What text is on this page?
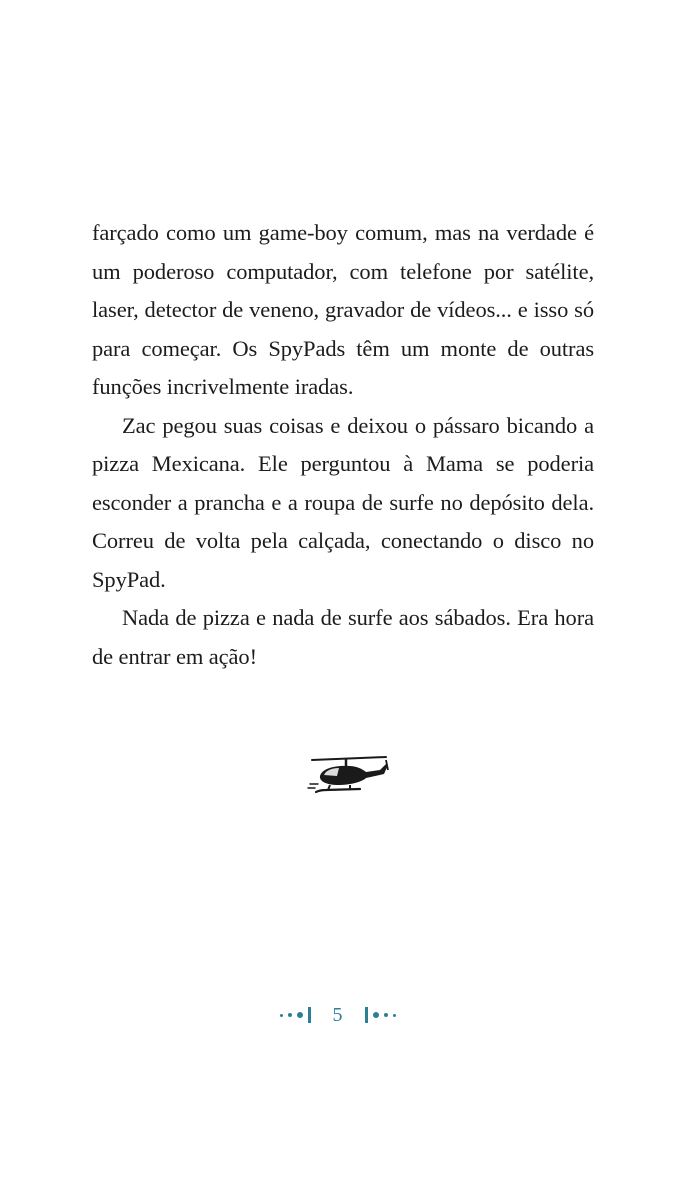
farçado como um game-boy comum, mas na verdade é um poderoso computador, com telefone por satélite, laser, detector de veneno, gravador de vídeos... e isso só para começar. Os SpyPads têm um monte de outras funções incrivelmente iradas.

Zac pegou suas coisas e deixou o pássaro bicando a pizza Mexicana. Ele perguntou à Mama se poderia esconder a prancha e a roupa de surfe no depósito dela. Correu de volta pela calçada, conectando o disco no SpyPad.

Nada de pizza e nada de surfe aos sábados. Era hora de entrar em ação!

5
